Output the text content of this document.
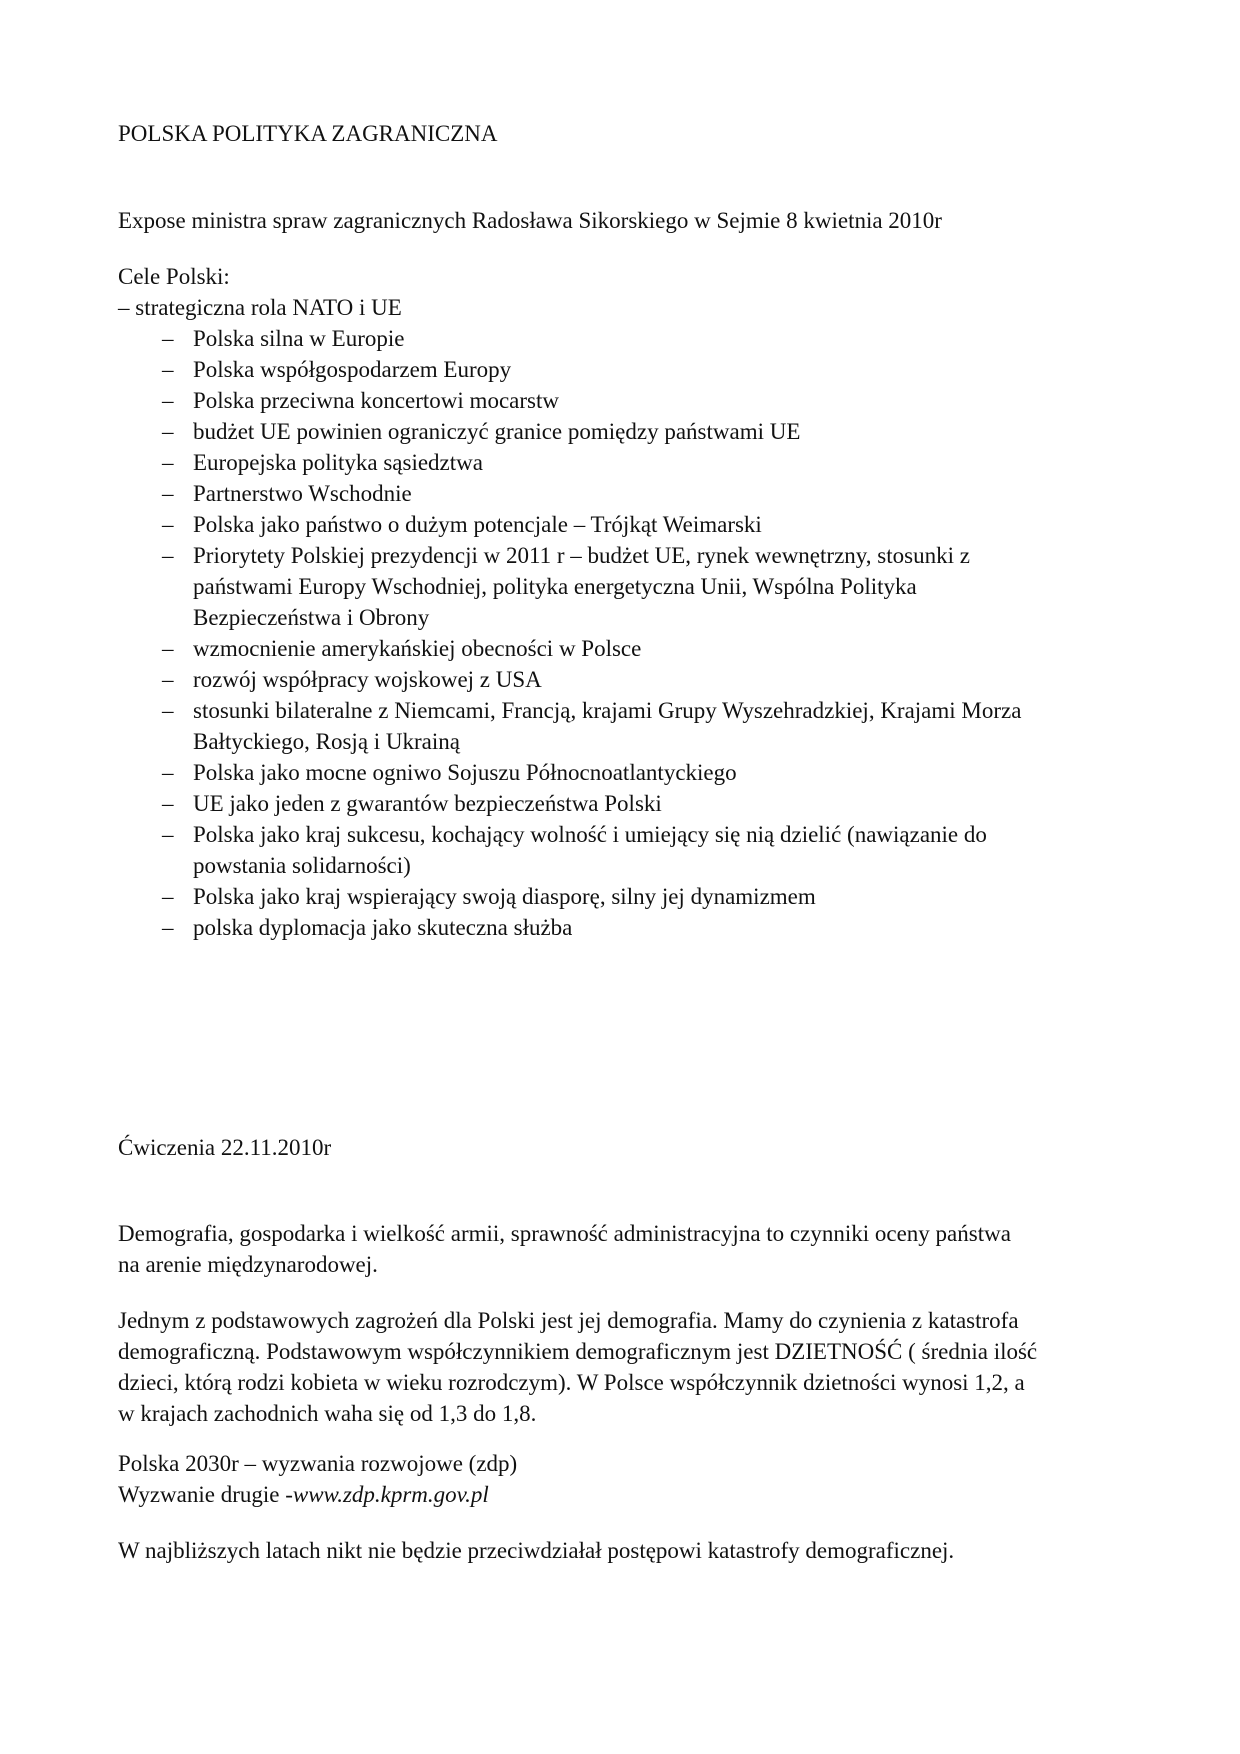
POLSKA POLITYKA ZAGRANICZNA
Expose ministra spraw zagranicznych Radosława Sikorskiego w Sejmie 8 kwietnia 2010r
Cele Polski:
– strategiczna rola NATO i UE
– Polska silna w Europie
– Polska współgospodarzem Europy
– Polska przeciwna koncertowi mocarstw
– budżet UE powinien ograniczyć granice pomiędzy państwami UE
– Europejska polityka sąsiedztwa
– Partnerstwo Wschodnie
– Polska jako państwo o dużym potencjale – Trójkąt Weimarski
– Priorytety Polskiej prezydencji w 2011 r – budżet UE, rynek wewnętrzny, stosunki z
państwami Europy Wschodniej, polityka energetyczna Unii, Wspólna Polityka
Bezpieczeństwa i Obrony
– wzmocnienie amerykańskiej obecności w Polsce
– rozwój współpracy wojskowej z USA
– stosunki bilateralne z Niemcami, Francją, krajami Grupy Wyszehradzkiej, Krajami Morza
Bałtyckiego, Rosją i Ukrainą
– Polska jako mocne ogniwo Sojuszu Północnoatlantyckiego
– UE jako jeden z gwarantów bezpieczeństwa Polski
– Polska jako kraj sukcesu, kochający wolność i umiejący się nią dzielić (nawiązanie do
powstania solidarności)
– Polska jako kraj wspierający swoją diasporę, silny jej dynamizmem
– polska dyplomacja jako skuteczna służba
Ćwiczenia 22.11.2010r
Demografia, gospodarka i wielkość armii, sprawność administracyjna to czynniki oceny państwa
na arenie międzynarodowej.
Jednym z podstawowych zagrożeń dla Polski jest jej demografia. Mamy do czynienia z katastrofa
demograficzną. Podstawowym współczynnikiem demograficznym jest DZIETNOŚĆ ( średnia ilość
dzieci, którą rodzi kobieta w wieku rozrodczym). W Polsce współczynnik dzietności wynosi 1,2, a
w krajach zachodnich waha się od 1,3 do 1,8.
Polska 2030r – wyzwania rozwojowe (zdp)
Wyzwanie drugie -www.zdp.kprm.gov.pl
W najbliższych latach nikt nie będzie przeciwdziałał postępowi katastrofy demograficznej.
